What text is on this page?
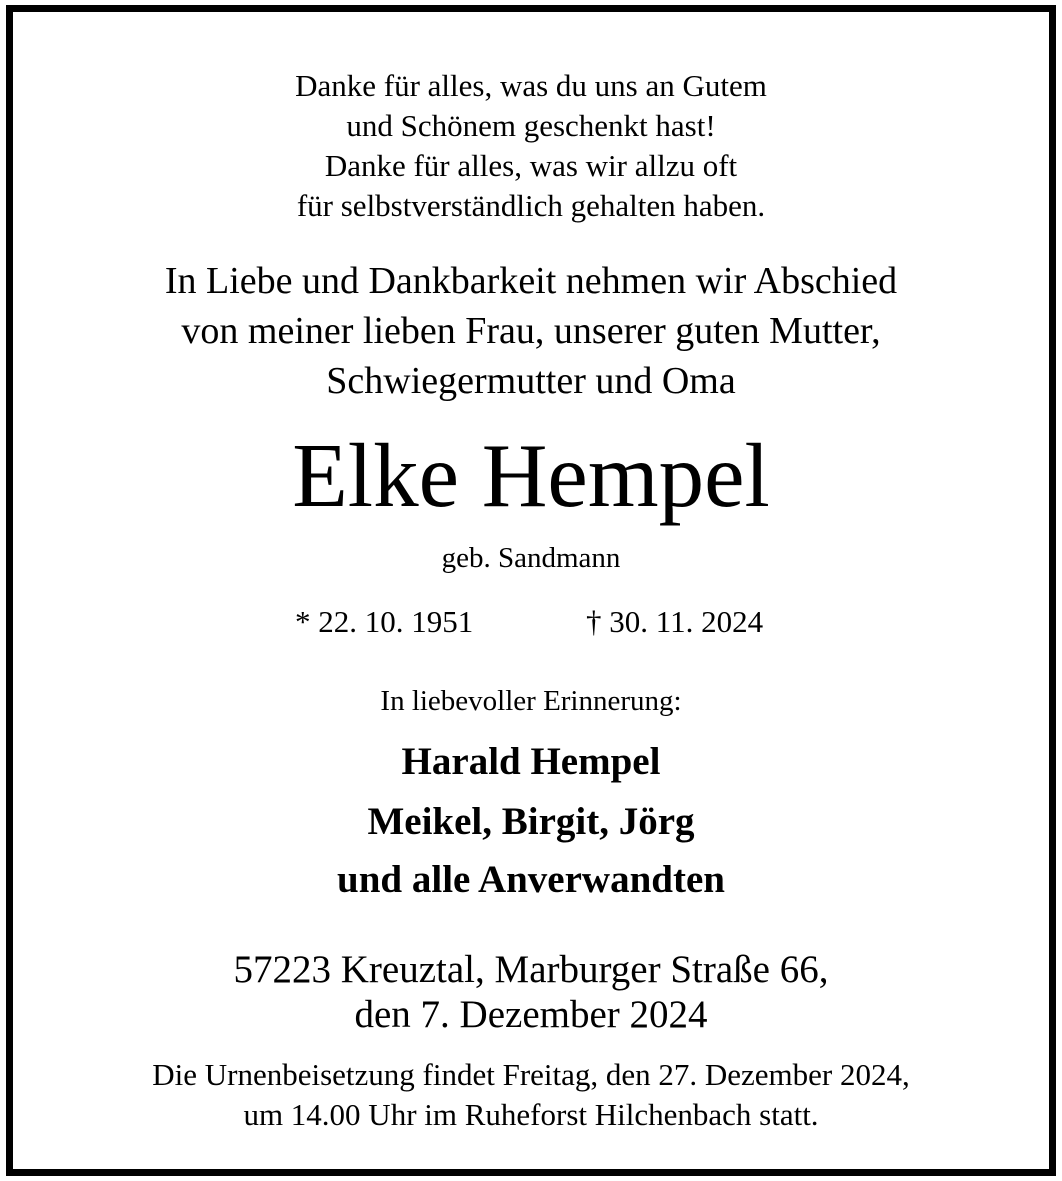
Danke für alles, was du uns an Gutem
und Schönem geschenkt hast!
Danke für alles, was wir allzu oft
für selbstverständlich gehalten haben.
In Liebe und Dankbarkeit nehmen wir Abschied
von meiner lieben Frau, unserer guten Mutter,
Schwiegermutter und Oma
Elke Hempel
geb. Sandmann
* 22. 10. 1951	† 30. 11. 2024
In liebevoller Erinnerung:
Harald Hempel
Meikel, Birgit, Jörg
und alle Anverwandten
57223 Kreuztal, Marburger Straße 66,
den 7. Dezember 2024
Die Urnenbeisetzung findet Freitag, den 27. Dezember 2024,
um 14.00 Uhr im Ruheforst Hilchenbach statt.
